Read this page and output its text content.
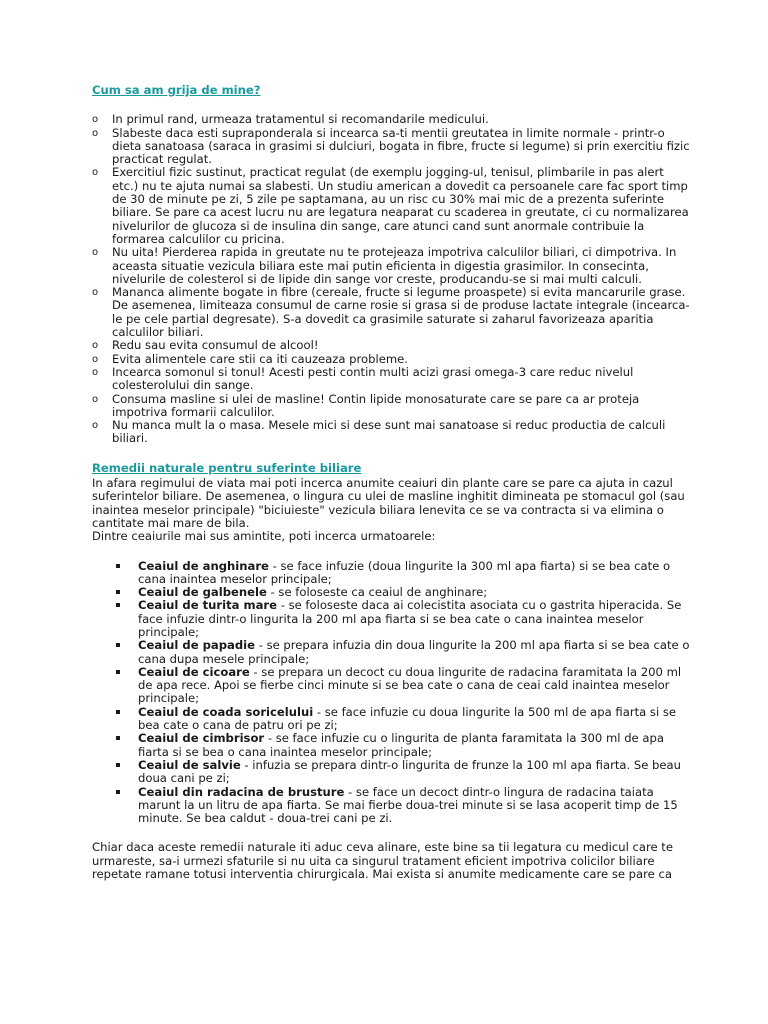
Cum sa am grija de mine?

o In primul rand, urmeaza tratamentul si recomandarile medicului.
o Slabeste daca esti supraponderala si incearca sa-ti mentii greutatea in limite normale - printr-o dieta sanatoasa (saraca in grasimi si dulciuri, bogata in fibre, fructe si legume) si prin exercitiu fizic practicat regulat.
o Exercitiul fizic sustinut, practicat regulat (de exemplu jogging-ul, tenisul, plimbarile in pas alert etc.) nu te ajuta numai sa slabesti. Un studiu american a dovedit ca persoanele care fac sport timp de 30 de minute pe zi, 5 zile pe saptamana, au un risc cu 30% mai mic de a prezenta suferinte biliare. Se pare ca acest lucru nu are legatura neaparat cu scaderea in greutate, ci cu normalizarea nivelurilor de glucoza si de insulina din sange, care atunci cand sunt anormale contribuie la formarea calculilor cu pricina.
o Nu uita! Pierderea rapida in greutate nu te protejeaza impotriva calculilor biliari, ci dimpotriva. In aceasta situatie vezicula biliara este mai putin eficienta in digestia grasimilor. In consecinta, nivelurile de colesterol si de lipide din sange vor creste, producandu-se si mai multi calculi.
o Mananca alimente bogate in fibre (cereale, fructe si legume proaspete) si evita mancarurile grase. De asemenea, limiteaza consumul de carne rosie si grasa si de produse lactate integrale (incearca-le pe cele partial degresate). S-a dovedit ca grasimile saturate si zaharul favorizeaza aparitia calculilor biliari.
o Redu sau evita consumul de alcool!
o Evita alimentele care stii ca iti cauzeaza probleme.
o Incearca somonul si tonul! Acesti pesti contin multi acizi grasi omega-3 care reduc nivelul colesterolului din sange.
o Consuma masline si ulei de masline! Contin lipide monosaturate care se pare ca ar proteja impotriva formarii calculilor.
o Nu manca mult la o masa. Mesele mici si dese sunt mai sanatoase si reduc productia de calculi biliari.

Remedii naturale pentru suferinte biliare

In afara regimului de viata mai poti incerca anumite ceaiuri din plante care se pare ca ajuta in cazul suferintelor biliare. De asemenea, o lingura cu ulei de masline inghitit dimineata pe stomacul gol (sau inaintea meselor principale) "biciuieste" vezicula biliara lenevita ce se va contracta si va elimina o cantitate mai mare de bila.

Dintre ceaiurile mai sus amintite, poti incerca urmatoarele:

Ceaiul de anghinare - se face infuzie (doua lingurite la 300 ml apa fiarta) si se bea cate o cana inaintea meselor principale;
Ceaiul de galbenele - se foloseste ca ceaiul de anghinare;
Ceaiul de turita mare - se foloseste daca ai colecistita asociata cu o gastrita hiperacida. Se face infuzie dintr-o lingurita la 200 ml apa fiarta si se bea cate o cana inaintea meselor principale;
Ceaiul de papadie - se prepara infuzia din doua lingurite la 200 ml apa fiarta si se bea cate o cana dupa mesele principale;
Ceaiul de cicoare - se prepara un decoct cu doua lingurite de radacina faramitata la 200 ml de apa rece. Apoi se fierbe cinci minute si se bea cate o cana de ceai cald inaintea meselor principale;
Ceaiul de coada soricelului - se face infuzie cu doua lingurite la 500 ml de apa fiarta si se bea cate o cana de patru ori pe zi;
Ceaiul de cimbrisor - se face infuzie cu o lingurita de planta faramitata la 300 ml de apa fiarta si se bea o cana inaintea meselor principale;
Ceaiul de salvie - infuzia se prepara dintr-o lingurita de frunze la 100 ml apa fiarta. Se beau doua cani pe zi;
Ceaiul din radacina de brusture - se face un decoct dintr-o lingura de radacina taiata marunt la un litru de apa fiarta. Se mai fierbe doua-trei minute si se lasa acoperit timp de 15 minute. Se bea caldut - doua-trei cani pe zi.

Chiar daca aceste remedii naturale iti aduc ceva alinare, este bine sa tii legatura cu medicul care te urmareste, sa-i urmezi sfaturile si nu uita ca singurul tratament eficient impotriva colicilor biliare repetate ramane totusi interventia chirurgicala. Mai exista si anumite medicamente care se pare ca
